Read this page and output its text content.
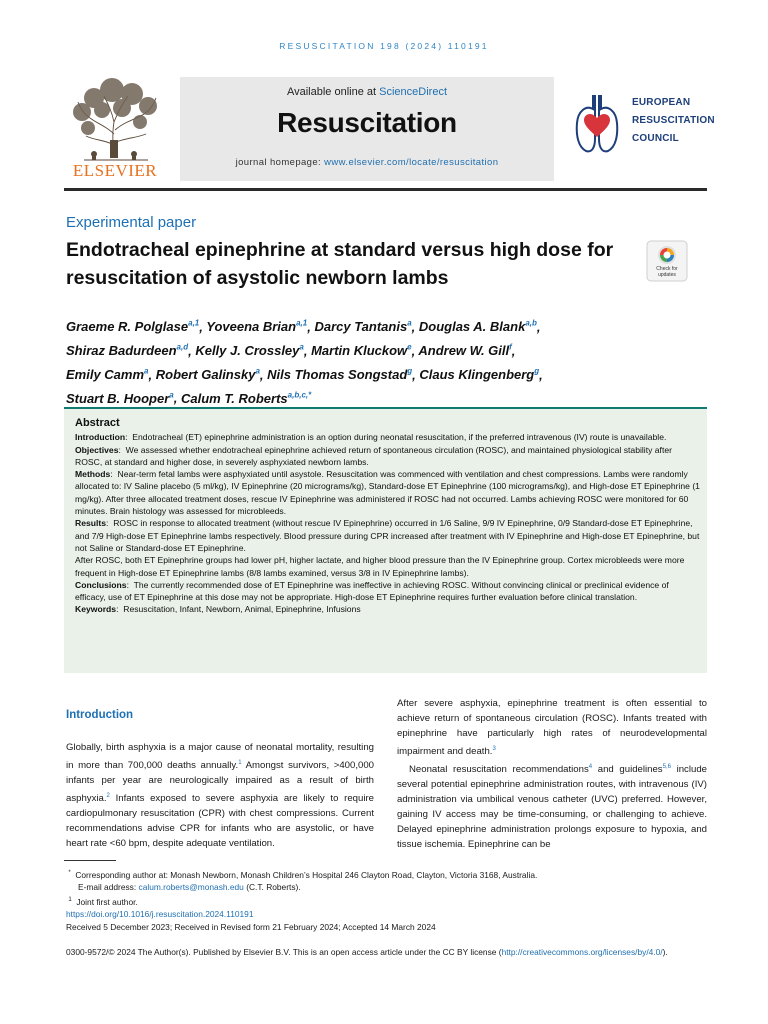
RESUSCITATION 198 (2024) 110191
ELSEVIER
Available online at ScienceDirect
Resuscitation
journal homepage: www.elsevier.com/locate/resuscitation
EUROPEAN
RESUSCITATION
COUNCIL
Experimental paper
Endotracheal epinephrine at standard versus high dose for resuscitation of asystolic newborn lambs	Check for
updates
Graeme R. Polglase$^{a,1}$, Yoveena Brian$^{a,1}$, Darcy Tantanis$^a$, Douglas A. Blank$^{a,b}$,
Shiraz Badurdeen$^{a,d}$, Kelly J. Crossley$^a$, Martin Kluckow$^e$, Andrew W. Gill$^f$,
Emily Camm$^a$, Robert Galinsky$^a$, Nils Thomas Songstad$^g$, Claus Klingenberg$^g$,
Stuart B. Hooper$^a$, Calum T. Roberts$^{a,b,c,*}$
Abstract

Introduction:  Endotracheal (ET) epinephrine administration is an option during neonatal resuscitation, if the preferred intravenous (IV) route is unavailable.

Objectives:  We assessed whether endotracheal epinephrine achieved return of spontaneous circulation (ROSC), and maintained physiological stability after ROSC, at standard and higher dose, in severely asphyxiated newborn lambs.

Methods:  Near-term fetal lambs were asphyxiated until asystole. Resuscitation was commenced with ventilation and chest compressions. Lambs were randomly allocated to: IV Saline placebo (5 ml/kg), IV Epinephrine (20 micrograms/kg), Standard-dose ET Epinephrine (100 micrograms/kg), and High-dose ET Epinephrine (1 mg/kg). After three allocated treatment doses, rescue IV Epinephrine was administered if ROSC had not occurred. Lambs achieving ROSC were monitored for 60 minutes. Brain histology was assessed for microbleeds.

Results:  ROSC in response to allocated treatment (without rescue IV Epinephrine) occurred in 1/6 Saline, 9/9 IV Epinephrine, 0/9 Standard-dose ET Epinephrine, and 7/9 High-dose ET Epinephrine lambs respectively. Blood pressure during CPR increased after treatment with IV Epinephrine and High-dose ET Epinephrine, but not Saline or Standard-dose ET Epinephrine.

After ROSC, both ET Epinephrine groups had lower pH, higher lactate, and higher blood pressure than the IV Epinephrine group. Cortex microbleeds were more frequent in High-dose ET Epinephrine lambs (8/8 lambs examined, versus 3/8 in IV Epinephrine lambs).

Conclusions:  The currently recommended dose of ET Epinephrine was ineffective in achieving ROSC. Without convincing clinical or preclinical evidence of efficacy, use of ET Epinephrine at this dose may not be appropriate. High-dose ET Epinephrine requires further evaluation before clinical translation.

Keywords:  Resuscitation, Infant, Newborn, Animal, Epinephrine, Infusions

Introduction

Globally, birth asphyxia is a major cause of neonatal mortality, resulting in more than 700,000 deaths annually.$^1$ Amongst survivors, >400,000 infants per year are neurologically impaired as a result of birth asphyxia.$^2$ Infants exposed to severe asphyxia are likely to require cardiopulmonary resuscitation (CPR) with chest compressions. Current recommendations advise CPR for infants who are asystolic, or have heart rate <60 bpm, despite adequate ventilation.

After severe asphyxia, epinephrine treatment is often essential to achieve return of spontaneous circulation (ROSC). Infants treated with epinephrine have particularly high rates of neurodevelopmental impairment and death.$^3$

Neonatal resuscitation recommendations$^4$ and guidelines$^{5,6}$ include several potential epinephrine administration routes, with intravenous (IV) administration via umbilical venous catheter (UVC) preferred. However, gaining IV access may be time-consuming, or challenging to achieve. Delayed epinephrine administration prolongs exposure to hypoxia, and tissue ischemia. Epinephrine can be

* Corresponding author at: Monash Newborn, Monash Children’s Hospital 246 Clayton Road, Clayton, Victoria 3168, Australia.

E-mail address: calum.roberts@monash.edu (C.T. Roberts).

$^1$ Joint first author.

https://doi.org/10.1016/j.resuscitation.2024.110191

Received 5 December 2023; Received in Revised form 21 February 2024; Accepted 14 March 2024

0300-9572/© 2024 The Author(s). Published by Elsevier B.V. This is an open access article under the CC BY license (http://creativecommons.org/licenses/by/4.0/).
